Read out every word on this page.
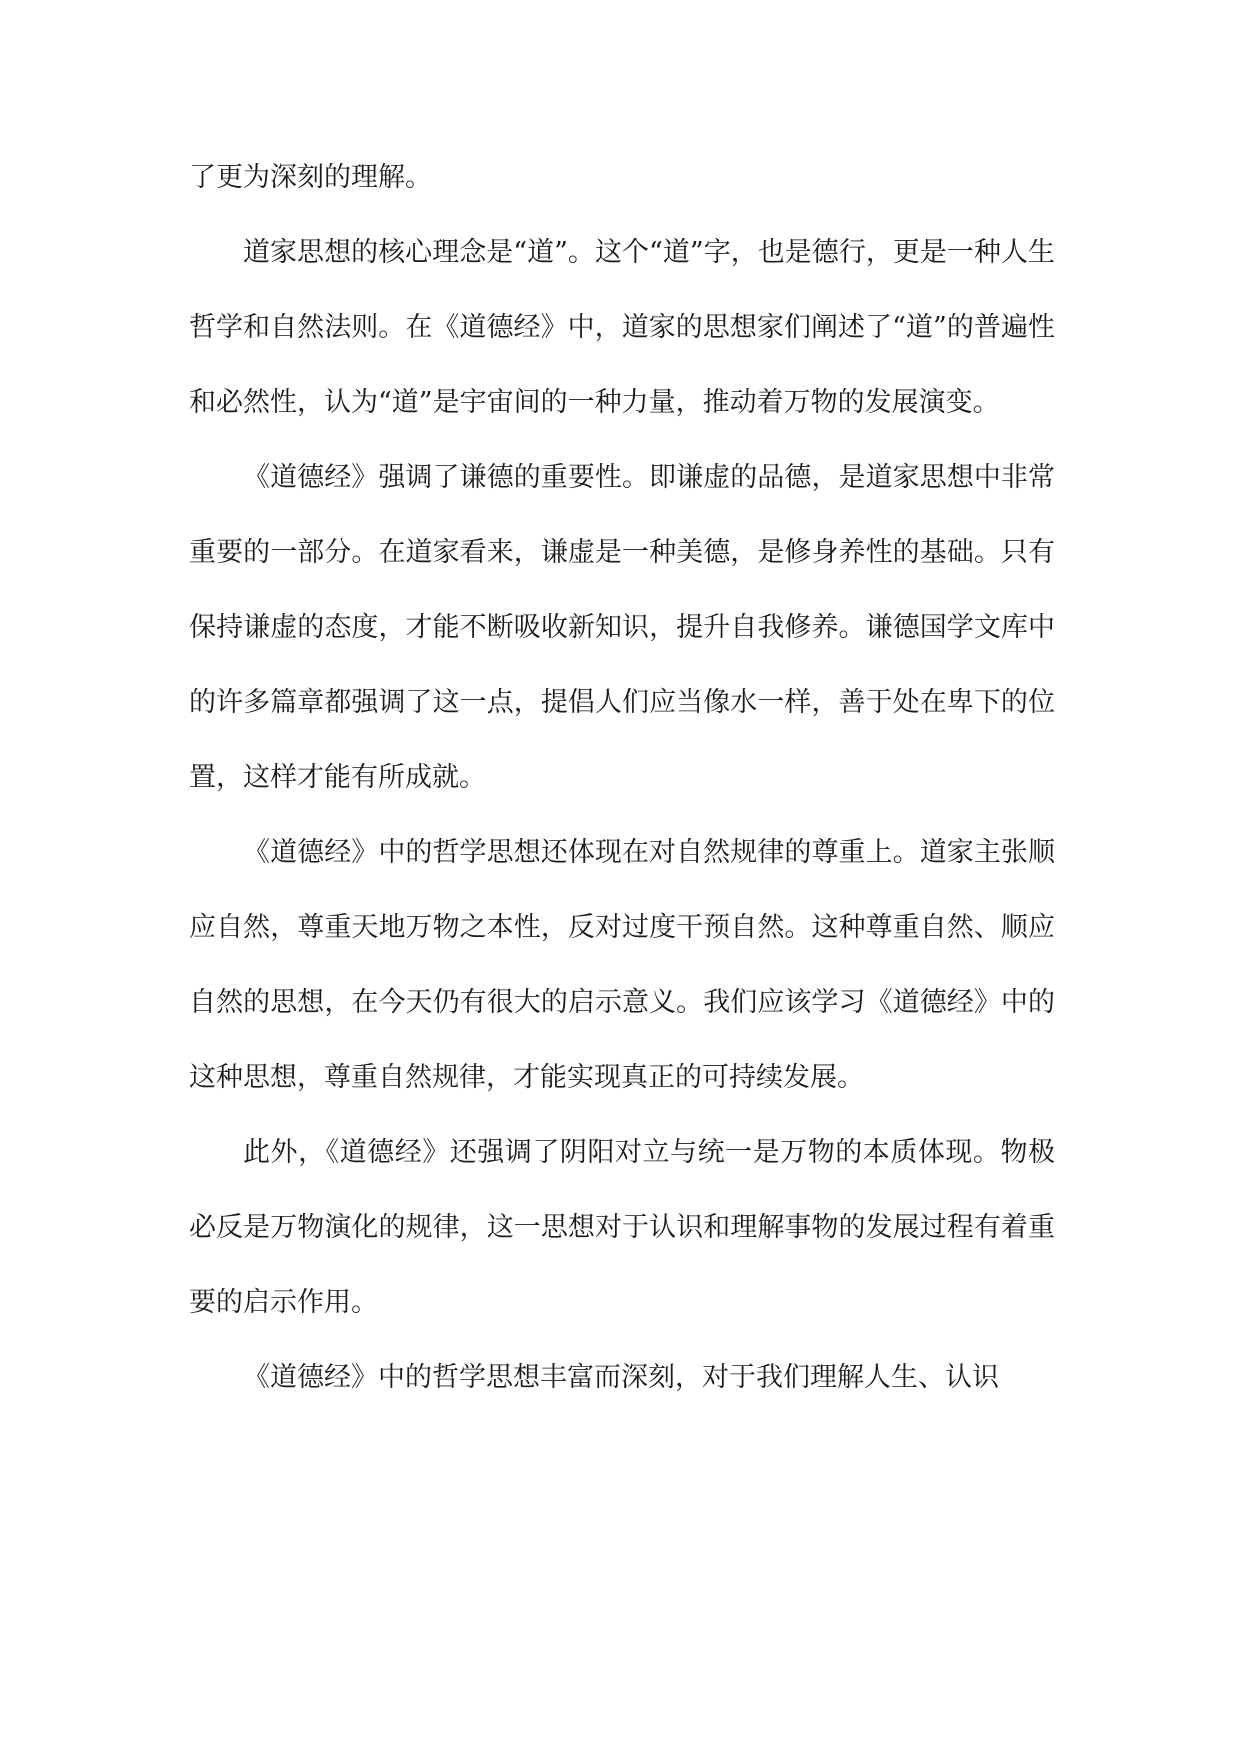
了更为深刻的理解。

道家思想的核心理念是“道”。这个“道”字，也是德行，更是一种人生哲学和自然法则。在《道德经》中，道家的思想家们阐述了“道”的普遍性和必然性，认为“道”是宇宙间的一种力量，推动着万物的发展演变。

《道德经》强调了谦德的重要性。即谦虚的品德，是道家思想中非常重要的一部分。在道家看来，谦虚是一种美德，是修身养性的基础。只有保持谦虚的态度，才能不断吸收新知识，提升自我修养。谦德国学文库中的许多篇章都强调了这一点，提倡人们应当像水一样，善于处在卑下的位置，这样才能有所成就。

《道德经》中的哲学思想还体现在对自然规律的尊重上。道家主张顺应自然，尊重天地万物之本性，反对过度干预自然。这种尊重自然、顺应自然的思想，在今天仍有很大的启示意义。我们应该学习《道德经》中的这种思想，尊重自然规律，才能实现真正的可持续发展。

此外，《道德经》还强调了阴阳对立与统一是万物的本质体现。物极必反是万物演化的规律，这一思想对于认识和理解事物的发展过程有着重要的启示作用。

《道德经》中的哲学思想丰富而深刻，对于我们理解人生、认识
